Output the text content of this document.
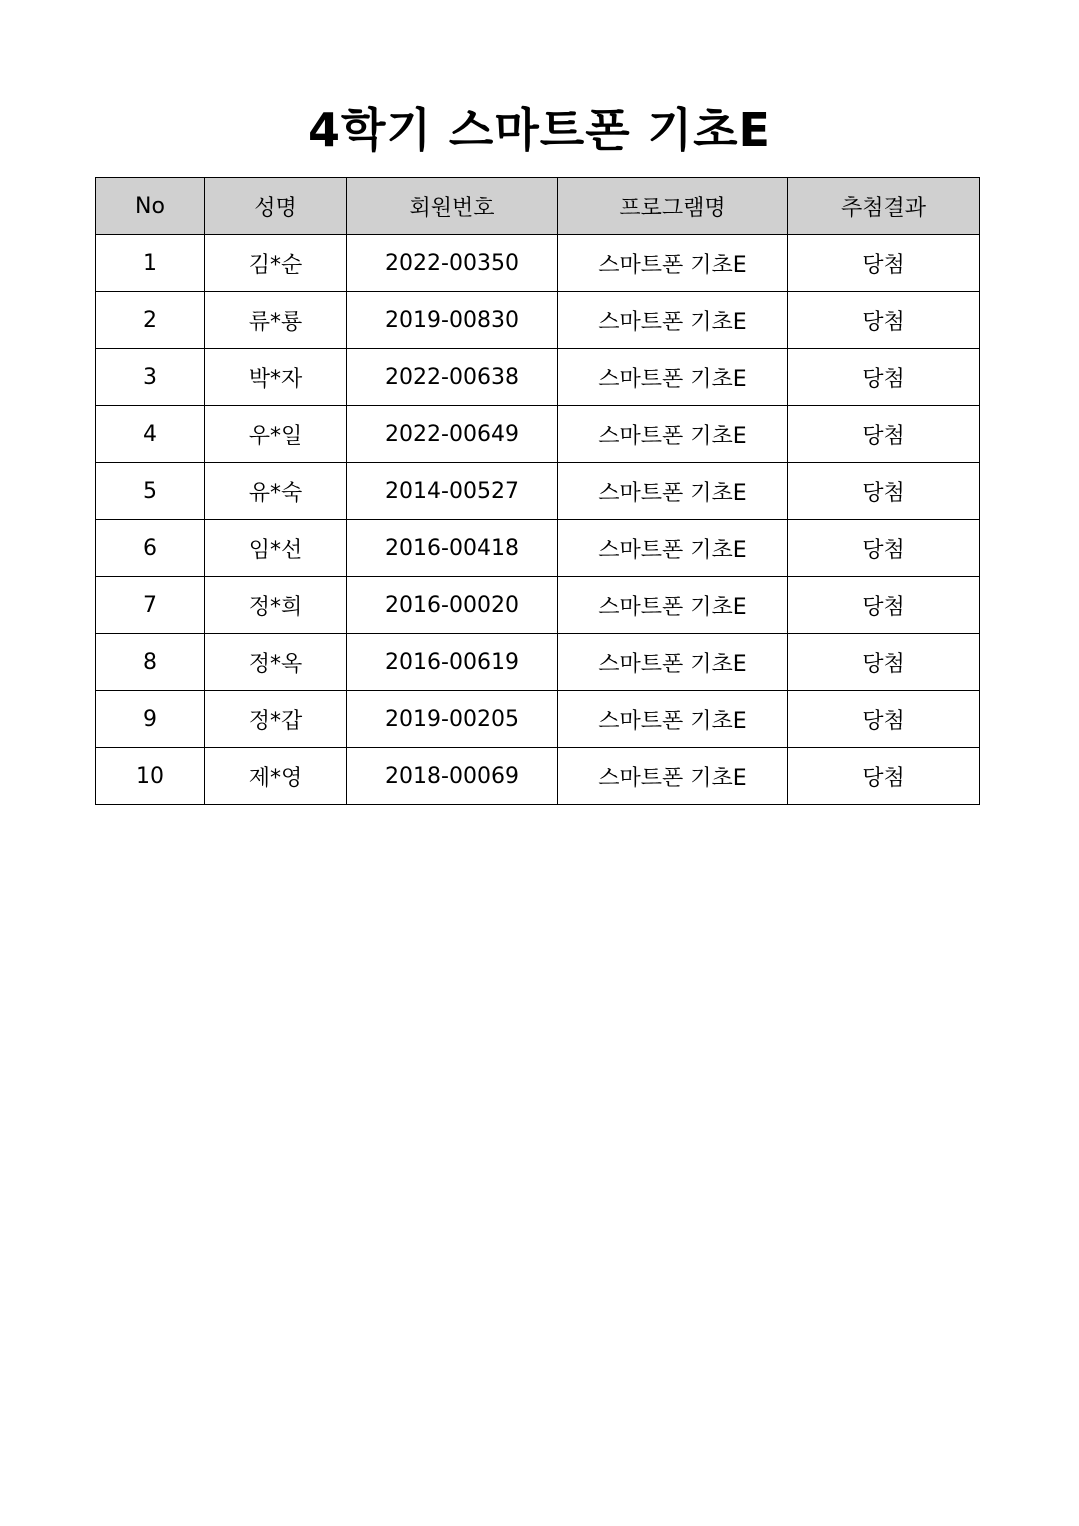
4학기 스마트폰 기초E
No	성명	회원번호	프로그램명	추첨결과
1	김*순	2022-00350	스마트폰 기초E	당첨
2	류*룡	2019-00830	스마트폰 기초E	당첨
3	박*자	2022-00638	스마트폰 기초E	당첨
4	우*일	2022-00649	스마트폰 기초E	당첨
5	유*숙	2014-00527	스마트폰 기초E	당첨
6	임*선	2016-00418	스마트폰 기초E	당첨
7	정*희	2016-00020	스마트폰 기초E	당첨
8	정*옥	2016-00619	스마트폰 기초E	당첨
9	정*갑	2019-00205	스마트폰 기초E	당첨
10	제*영	2018-00069	스마트폰 기초E	당첨
